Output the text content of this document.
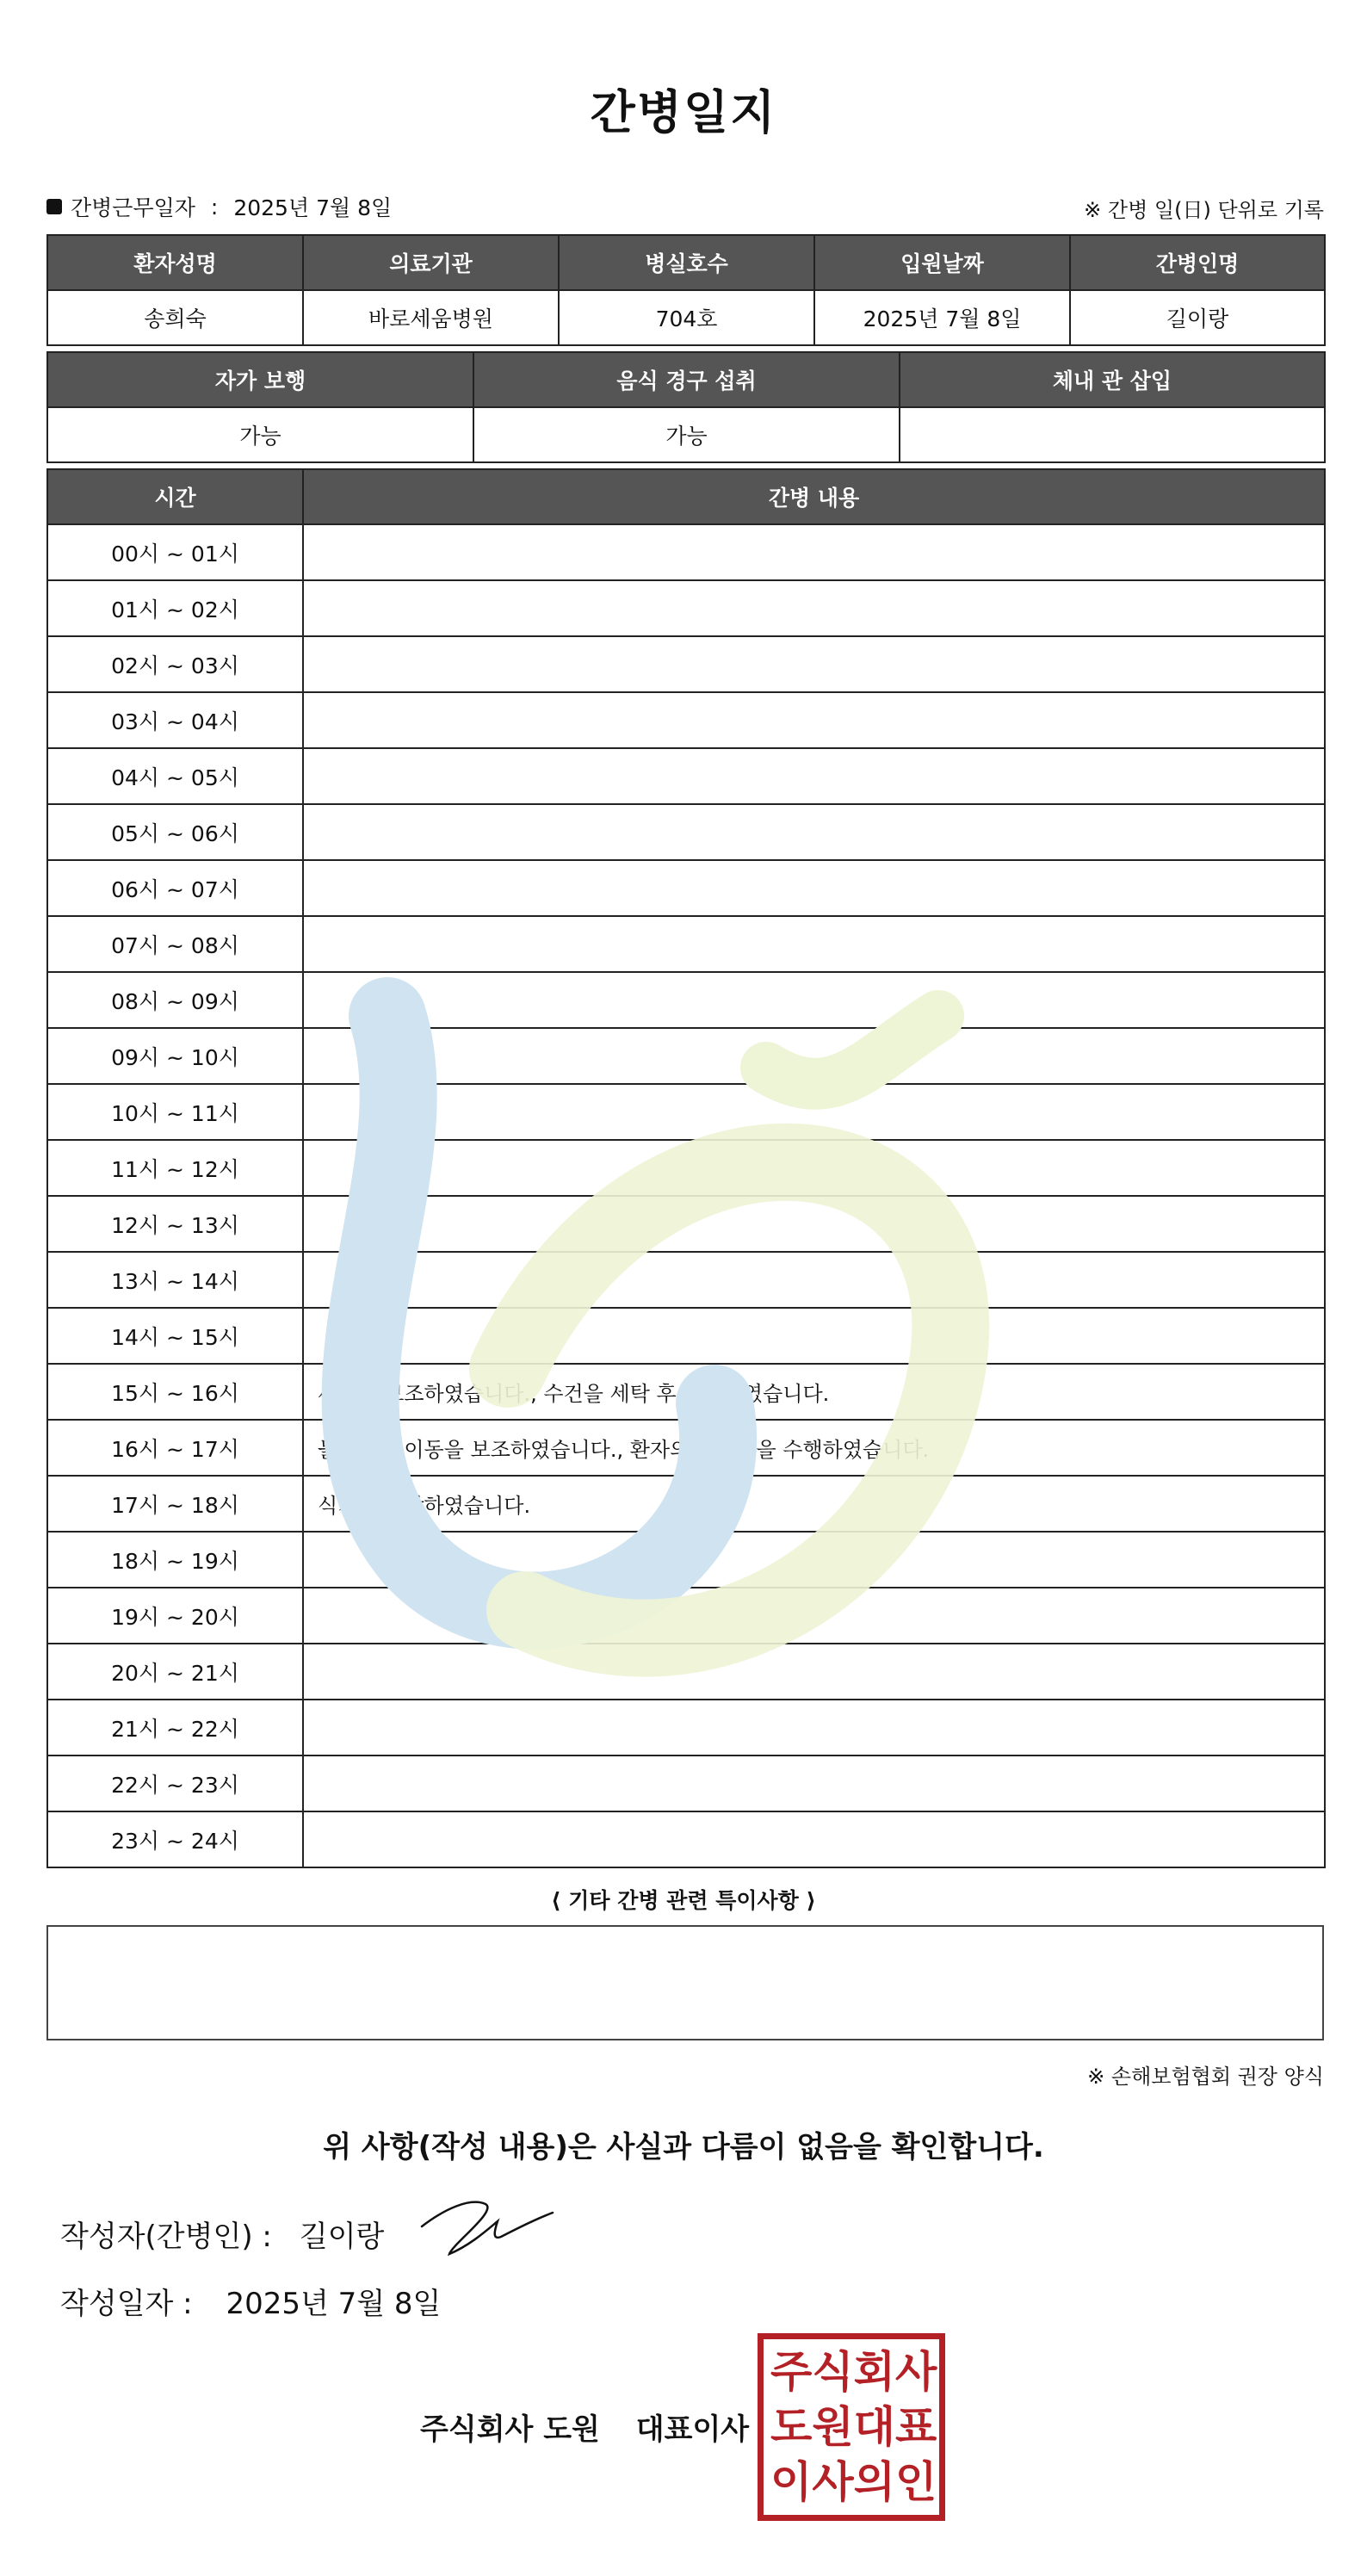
간병일지
간병근무일자 : 2025년 7월 8일	※ 간병 일(日) 단위로 기록
환자성명	의료기관	병실호수	입원날짜	간병인명
송희숙	바로세움병원	704호	2025년 7월 8일	길이랑
자가 보행	음식 경구 섭취	체내 관 삽입
가능	가능	
시간	간병 내용
00시 ~ 01시	
01시 ~ 02시	
02시 ~ 03시	
03시 ~ 04시	
04시 ~ 05시	
05시 ~ 06시	
06시 ~ 07시	
07시 ~ 08시	
08시 ~ 09시	
09시 ~ 10시	
10시 ~ 11시	
11시 ~ 12시	
12시 ~ 13시	
13시 ~ 14시	
14시 ~ 15시	
15시 ~ 16시	세면을 보조하였습니다., 수건을 세탁 후 교환하였습니다.
16시 ~ 17시	물리치료 이동을 보조하였습니다., 환자의 심부름을 수행하였습니다.
17시 ~ 18시	식기를 반납하였습니다.
18시 ~ 19시	
19시 ~ 20시	
20시 ~ 21시	
21시 ~ 22시	
22시 ~ 23시	
23시 ~ 24시	
⟨ 기타 간병 관련 특이사항 ⟩
※ 손해보험협회 권장 양식
위 사항(작성 내용)은 사실과 다름이 없음을 확인합니다.
작성자(간병인) : 길이랑
작성일자 : 2025년 7월 8일
주식회사 도원 대표이사
주 식 회 사
도 원 대 표
이 사 의 인
